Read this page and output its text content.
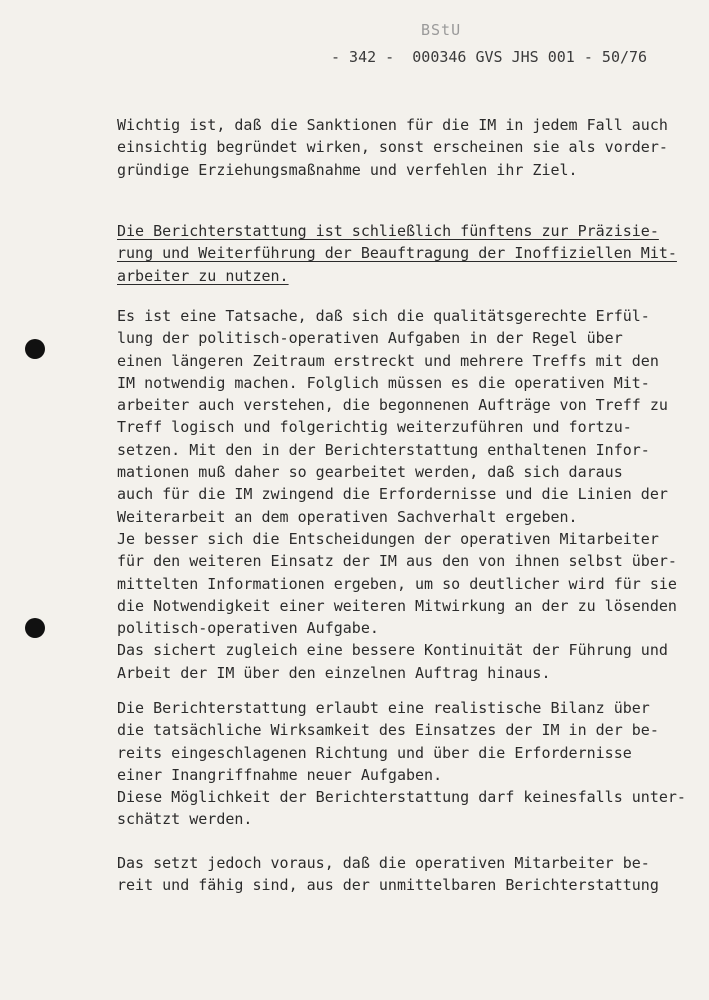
BStU
- 342 -  000346 GVS JHS 001 - 50/76
Wichtig ist, daß die Sanktionen für die IM in jedem Fall auch
einsichtig begründet wirken, sonst erscheinen sie als vorder-
gründige Erziehungsmaßnahme und verfehlen ihr Ziel.
Die Berichterstattung ist schließlich fünftens zur Präzisie-
rung und Weiterführung der Beauftragung der Inoffiziellen Mit-
arbeiter zu nutzen.
Es ist eine Tatsache, daß sich die qualitätsgerechte Erfül-
lung der politisch-operativen Aufgaben in der Regel über
einen längeren Zeitraum erstreckt und mehrere Treffs mit den
IM notwendig machen. Folglich müssen es die operativen Mit-
arbeiter auch verstehen, die begonnenen Aufträge von Treff zu
Treff logisch und folgerichtig weiterzuführen und fortzu-
setzen. Mit den in der Berichterstattung enthaltenen Infor-
mationen muß daher so gearbeitet werden, daß sich daraus
auch für die IM zwingend die Erfordernisse und die Linien der
Weiterarbeit an dem operativen Sachverhalt ergeben.
Je besser sich die Entscheidungen der operativen Mitarbeiter
für den weiteren Einsatz der IM aus den von ihnen selbst über-
mittelten Informationen ergeben, um so deutlicher wird für sie
die Notwendigkeit einer weiteren Mitwirkung an der zu lösenden
politisch-operativen Aufgabe.
Das sichert zugleich eine bessere Kontinuität der Führung und
Arbeit der IM über den einzelnen Auftrag hinaus.
Die Berichterstattung erlaubt eine realistische Bilanz über
die tatsächliche Wirksamkeit des Einsatzes der IM in der be-
reits eingeschlagenen Richtung und über die Erfordernisse
einer Inangriffnahme neuer Aufgaben.
Diese Möglichkeit der Berichterstattung darf keinesfalls unter-
schätzt werden.
Das setzt jedoch voraus, daß die operativen Mitarbeiter be-
reit und fähig sind, aus der unmittelbaren Berichterstattung
